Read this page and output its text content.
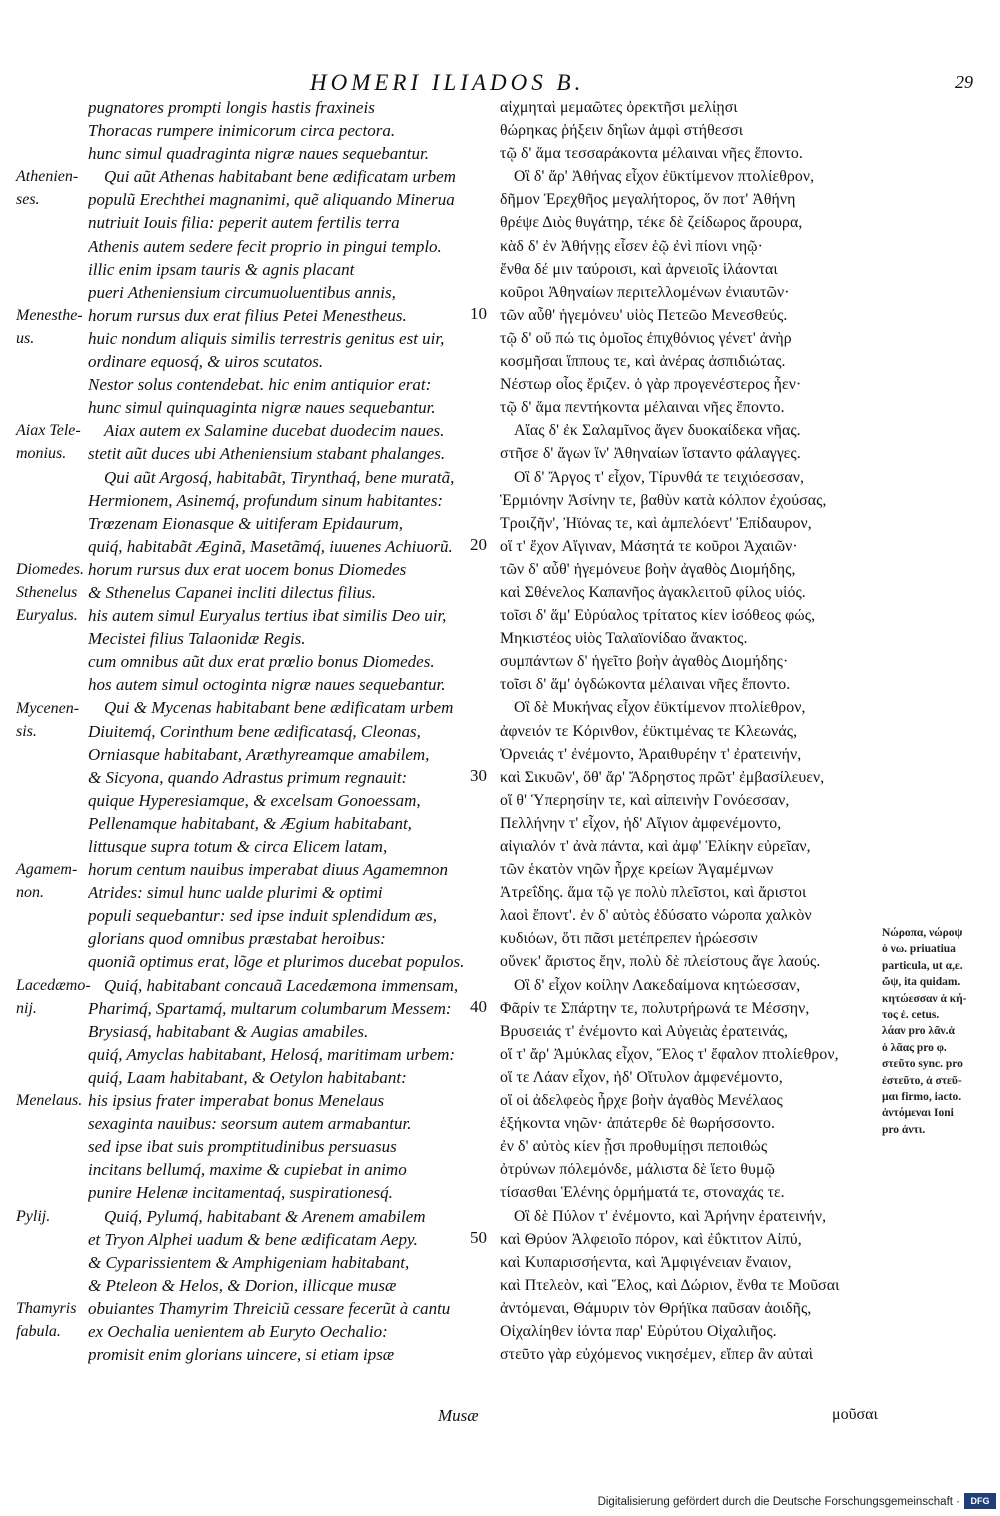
HOMERI ILIADOS B.	29
pugnatores prompti longis hastis fraxineis
Thoracas rumpere inimicorum circa pectora.
hunc simul quadraginta nigræ naues sequebantur.
Qui aũt Athenas habitabant bene ædificatam urbem
populũ Erechthei magnanimi, quẽ aliquando Minerua
nutriuit Iouis filia: peperit autem fertilis terra
Athenis autem sedere fecit proprio in pingui templo.
illic enim ipsam tauris & agnis placant
pueri Atheniensium circumuoluentibus annis,
horum rursus dux erat filius Petei Menestheus.
huic nondum aliquis similis terrestris genitus est uir,
ordinare equosq́, & uiros scutatos.
Nestor solus contendebat. hic enim antiquior erat:
hunc simul quinquaginta nigræ naues sequebantur.
Aiax autem ex Salamine ducebat duodecim naues.
stetit aũt duces ubi Atheniensium stabant phalanges.
Qui aũt Argosq́, habitabãt, Tirynthaq́, bene muratã,
Hermionem, Asinemq́, profundum sinum habitantes:
Trœzenam Eionasque & uitiferam Epidaurum,
quiq́, habitabãt Æginã, Masetãmq́, iuuenes Achiuorũ.
horum rursus dux erat uocem bonus Diomedes
& Sthenelus Capanei incliti dilectus filius.
his autem simul Euryalus tertius ibat similis Deo uir,
Mecistei filius Talaonidæ Regis.
cum omnibus aũt dux erat prœlio bonus Diomedes.
hos autem simul octoginta nigræ naues sequebantur.
Qui & Mycenas habitabant bene ædificatam urbem
Diuitemq́, Corinthum bene ædificatasq́, Cleonas,
Orniasque habitabant, Aræthyreamque amabilem,
& Sicyona, quando Adrastus primum regnauit:
quique Hyperesiamque, & excelsam Gonoessam,
Pellenamque habitabant, & Ægium habitabant,
littusque supra totum & circa Elicem latam,
horum centum nauibus imperabat diuus Agamemnon
Atrides: simul hunc ualde plurimi & optimi
populi sequebantur: sed ipse induit splendidum æs,
glorians quod omnibus præstabat heroibus:
quoniã optimus erat, lõge et plurimos ducebat populos.
Quiq́, habitabant concauã Lacedæmona immensam,
Pharimq́, Spartamq́, multarum columbarum Messem:
Brysiasq́, habitabant & Augias amabiles.
quiq́, Amyclas habitabant, Helosq́, maritimam urbem:
quiq́, Laam habitabant, & Oetylon habitabant:
his ipsius frater imperabat bonus Menelaus
sexaginta nauibus: seorsum autem armabantur.
sed ipse ibat suis promptitudinibus persuasus
incitans bellumq́, maxime & cupiebat in animo
punire Helenæ incitamentaq́, suspirationesq́.
Quiq́, Pylumq́, habitabant & Arenem amabilem
et Tryon Alphei uadum & bene ædificatam Aepy.
& Cyparissientem & Amphigeniam habitabant,
& Pteleon & Helos, & Dorion, illicque musæ
obuiantes Thamyrim Threiciũ cessare fecerũt à cantu
ex Oechalia uenientem ab Euryto Oechalio:
promisit enim glorians uincere, si etiam ipsæ
αἰχμηταὶ μεμαῶτες ὀρεκτῆσι μελίῃσι
θώρηκας ῥήξειν δηΐων ἀμφὶ στήθεσσι
τῷ δ' ἅμα τεσσαράκοντα μέλαιναι νῆες ἕποντο.
Οἳ δ' ἄρ' Ἀθήνας εἶχον ἐϋκτίμενον πτολίεθρον,
δῆμον Ἐρεχθῆος μεγαλήτορος, ὅν ποτ' Ἀθήνη
θρέψε Διὸς θυγάτηρ, τέκε δὲ ζείδωρος ἄρουρα,
κὰδ δ' ἐν Ἀθήνῃς εἷσεν ἑῷ ἐνὶ πίονι νηῷ·
ἔνθα δέ μιν ταύροισι, καὶ ἀρνειοῖς ἱλάονται
κοῦροι Ἀθηναίων περιτελλομένων ἐνιαυτῶν·
τῶν αὖθ' ἡγεμόνευ' υἱὸς Πετεῶο Μενεσθεύς.
τῷ δ' οὔ πώ τις ὁμοῖος ἐπιχθόνιος γένετ' ἀνὴρ
κοσμῆσαι ἵππους τε, καὶ ἀνέρας ἀσπιδιώτας.
Νέστωρ οἶος ἔριζεν. ὁ γὰρ προγενέστερος ἦεν·
τῷ δ' ἅμα πεντήκοντα μέλαιναι νῆες ἕποντο.
Αἴας δ' ἐκ Σαλαμῖνος ἄγεν δυοκαίδεκα νῆας.
στῆσε δ' ἄγων ἵν' Ἀθηναίων ἵσταντο φάλαγγες.
Οἳ δ' Ἄργος τ' εἶχον, Τίρυνθά τε τειχιόεσσαν,
Ἑρμιόνην Ἀσίνην τε, βαθὺν κατὰ κόλπον ἐχούσας,
Τροιζῆν', Ἠϊόνας τε, καὶ ἀμπελόεντ' Ἐπίδαυρον,
οἵ τ' ἔχον Αἴγιναν, Μάσητά τε κοῦροι Ἀχαιῶν·
τῶν δ' αὖθ' ἡγεμόνευε βοὴν ἀγαθὸς Διομήδης,
καὶ Σθένελος Καπανῆος ἀγακλειτοῦ φίλος υἱός.
τοῖσι δ' ἅμ' Εὐρύαλος τρίτατος κίεν ἰσόθεος φώς,
Μηκιστέος υἱὸς Ταλαϊονίδαο ἄνακτος.
συμπάντων δ' ἡγεῖτο βοὴν ἀγαθὸς Διομήδης·
τοῖσι δ' ἅμ' ὀγδώκοντα μέλαιναι νῆες ἕποντο.
Οἳ δὲ Μυκήνας εἶχον ἐϋκτίμενον πτολίεθρον,
ἀφνειόν τε Κόρινθον, ἐϋκτιμένας τε Κλεωνάς,
Ὀρνειάς τ' ἐνέμοντο, Ἀραιθυρέην τ' ἐρατεινήν,
καὶ Σικυῶν', ὅθ' ἄρ' Ἄδρηστος πρῶτ' ἐμβασίλευεν,
οἵ θ' Ὑπερησίην τε, καὶ αἰπεινὴν Γονόεσσαν,
Πελλήνην τ' εἶχον, ἠδ' Αἴγιον ἀμφενέμοντο,
αἰγιαλόν τ' ἀνὰ πάντα, καὶ ἀμφ' Ἑλίκην εὐρεῖαν,
τῶν ἑκατὸν νηῶν ἦρχε κρείων Ἀγαμέμνων
Ἀτρεΐδης. ἅμα τῷ γε πολὺ πλεῖστοι, καὶ ἄριστοι
λαοὶ ἕποντ'. ἐν δ' αὐτὸς ἐδύσατο νώροπα χαλκὸν
κυδιόων, ὅτι πᾶσι μετέπρεπεν ἡρώεσσιν
οὕνεκ' ἄριστος ἔην, πολὺ δὲ πλείστους ἄγε λαούς.
Οἳ δ' εἶχον κοίλην Λακεδαίμονα κητώεσσαν,
Φᾶρίν τε Σπάρτην τε, πολυτρήρωνά τε Μέσσην,
Βρυσειάς τ' ἐνέμοντο καὶ Αὐγειὰς ἐρατεινάς,
οἵ τ' ἄρ' Ἀμύκλας εἶχον, Ἕλος τ' ἔφαλον πτολίεθρον,
οἵ τε Λάαν εἶχον, ἠδ' Οἴτυλον ἀμφενέμοντο,
οἵ οἱ ἀδελφεὸς ἦρχε βοὴν ἀγαθὸς Μενέλαος
ἑξήκοντα νηῶν· ἀπάτερθε δὲ θωρήσσοντο.
ἐν δ' αὐτὸς κίεν ᾗσι προθυμίῃσι πεποιθώς
ὀτρύνων πόλεμόνδε, μάλιστα δὲ ἵετο θυμῷ
τίσασθαι Ἑλένης ὁρμήματά τε, στοναχάς τε.
Οἳ δὲ Πύλον τ' ἐνέμοντο, καὶ Ἀρήνην ἐρατεινήν,
καὶ Θρύον Ἀλφειοῖο πόρον, καὶ ἐΰκτιτον Αἰπύ,
καὶ Κυπαρισσήεντα, καὶ Ἀμφιγένειαν ἔναιον,
καὶ Πτελεὸν, καὶ Ἕλος, καὶ Δώριον, ἔνθα τε Μοῦσαι
ἀντόμεναι, Θάμυριν τὸν Θρήϊκα παῦσαν ἀοιδῆς,
Οἰχαλίηθεν ἰόντα παρ' Εὐρύτου Οἰχαλιῆος.
στεῦτο γὰρ εὐχόμενος νικησέμεν, εἴπερ ἂν αὐταὶ
Athenien-
ses.
Menesthe-
us.
Aiax Tele-
monius.
Diomedes.
Sthenelus
Euryalus.
Mycenen-
sis.
Agamem-
non.
Lacedæmo-
nij.
Menelaus.
Pylij.
Thamyris
fabula.
10
20
30
40
50
Νώροπα, νώροψ
ὁ νω. priuatiua
particula, ut α,ε.
ὤψ, ita quidam.
κητώεσσαν ἀ κή-
τος ἐ. cetus.
λάαν pro λᾶν.ἀ
ὁ λᾶας pro φ.
στεῦτο sync. pro
ἐστεῦτο, ἀ στεῦ-
μαι firmo, iacto.
ἀντόμεναι Ioni
pro ἀντι.
Musæ	μοῦσαι
Digitalisierung gefördert durch die Deutsche Forschungsgemeinschaft ·	DFG
